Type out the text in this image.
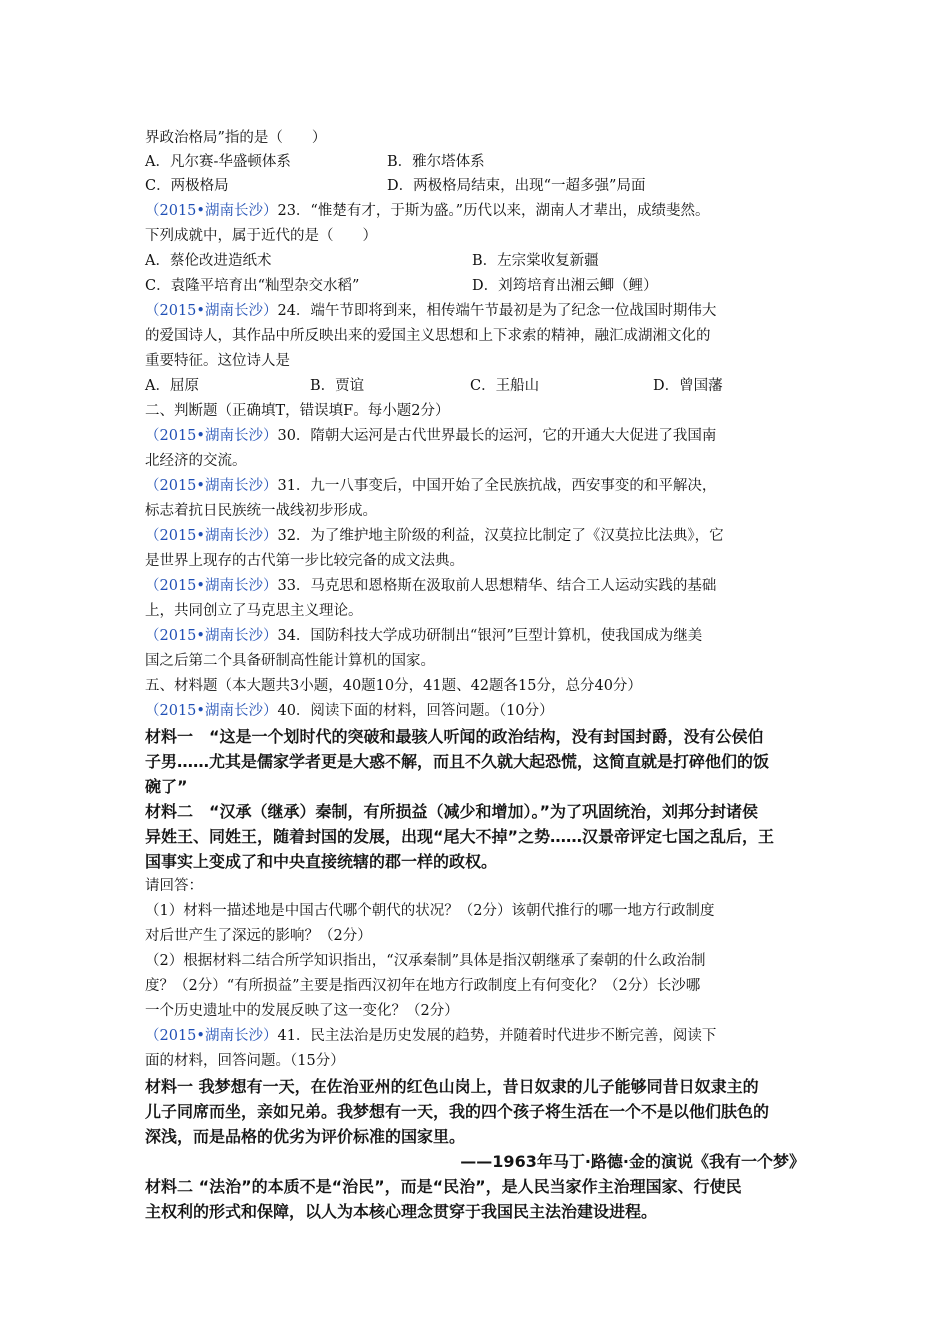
界政治格局”指的是（　　）
A．凡尔赛-华盛顿体系	B．雅尔塔体系
C．两极格局	D．两极格局结束，出现“一超多强”局面
（2015•湖南长沙）23．“惟楚有才，于斯为盛。”历代以来，湖南人才辈出，成绩斐然。
下列成就中，属于近代的是（　　）
A．蔡伦改进造纸术	B．左宗棠收复新疆
C．袁隆平培育出“籼型杂交水稻”	D．刘筠培育出湘云鲫（鲤）
（2015•湖南长沙）24．端午节即将到来，相传端午节最初是为了纪念一位战国时期伟大
的爱国诗人，其作品中所反映出来的爱国主义思想和上下求索的精神，融汇成湖湘文化的
重要特征。这位诗人是
A．屈原	B．贾谊	C．王船山	D．曾国藩
二、判断题（正确填T，错误填F。每小题2分）
（2015•湖南长沙）30．隋朝大运河是古代世界最长的运河，它的开通大大促进了我国南
北经济的交流。
（2015•湖南长沙）31．九一八事变后，中国开始了全民族抗战，西安事变的和平解决，
标志着抗日民族统一战线初步形成。
（2015•湖南长沙）32．为了维护地主阶级的利益，汉莫拉比制定了《汉莫拉比法典》，它
是世界上现存的古代第一步比较完备的成文法典。
（2015•湖南长沙）33．马克思和恩格斯在汲取前人思想精华、结合工人运动实践的基础
上，共同创立了马克思主义理论。
（2015•湖南长沙）34．国防科技大学成功研制出“银河”巨型计算机，使我国成为继美
国之后第二个具备研制高性能计算机的国家。
五、材料题（本大题共3小题，40题10分，41题、42题各15分，总分40分）
（2015•湖南长沙）40．阅读下面的材料，回答问题。（10分）
材料一　“这是一个划时代的突破和最骇人听闻的政治结构，没有封国封爵，没有公侯伯
子男……尤其是儒家学者更是大惑不解，而且不久就大起恐慌，这简直就是打碎他们的饭
碗了”
材料二　“汉承（继承）秦制，有所损益（减少和增加）。”为了巩固统治，刘邦分封诸侯
异姓王、同姓王，随着封国的发展，出现“尾大不掉”之势……汉景帝评定七国之乱后，王
国事实上变成了和中央直接统辖的郡一样的政权。
请回答：
（1）材料一描述地是中国古代哪个朝代的状况？（2分）该朝代推行的哪一地方行政制度
对后世产生了深远的影响？（2分）
（2）根据材料二结合所学知识指出，“汉承秦制”具体是指汉朝继承了秦朝的什么政治制
度？（2分）“有所损益”主要是指西汉初年在地方行政制度上有何变化？（2分）长沙哪
一个历史遗址中的发展反映了这一变化？（2分）
（2015•湖南长沙）41．民主法治是历史发展的趋势，并随着时代进步不断完善，阅读下
面的材料，回答问题。（15分）
材料一 我梦想有一天，在佐治亚州的红色山岗上，昔日奴隶的儿子能够同昔日奴隶主的
儿子同席而坐，亲如兄弟。我梦想有一天，我的四个孩子将生活在一个不是以他们肤色的
深浅，而是品格的优劣为评价标准的国家里。
——1963年马丁·路德·金的演说《我有一个梦》
材料二 “法治”的本质不是“治民”，而是“民治”，是人民当家作主治理国家、行使民
主权利的形式和保障，以人为本核心理念贯穿于我国民主法治建设进程。
